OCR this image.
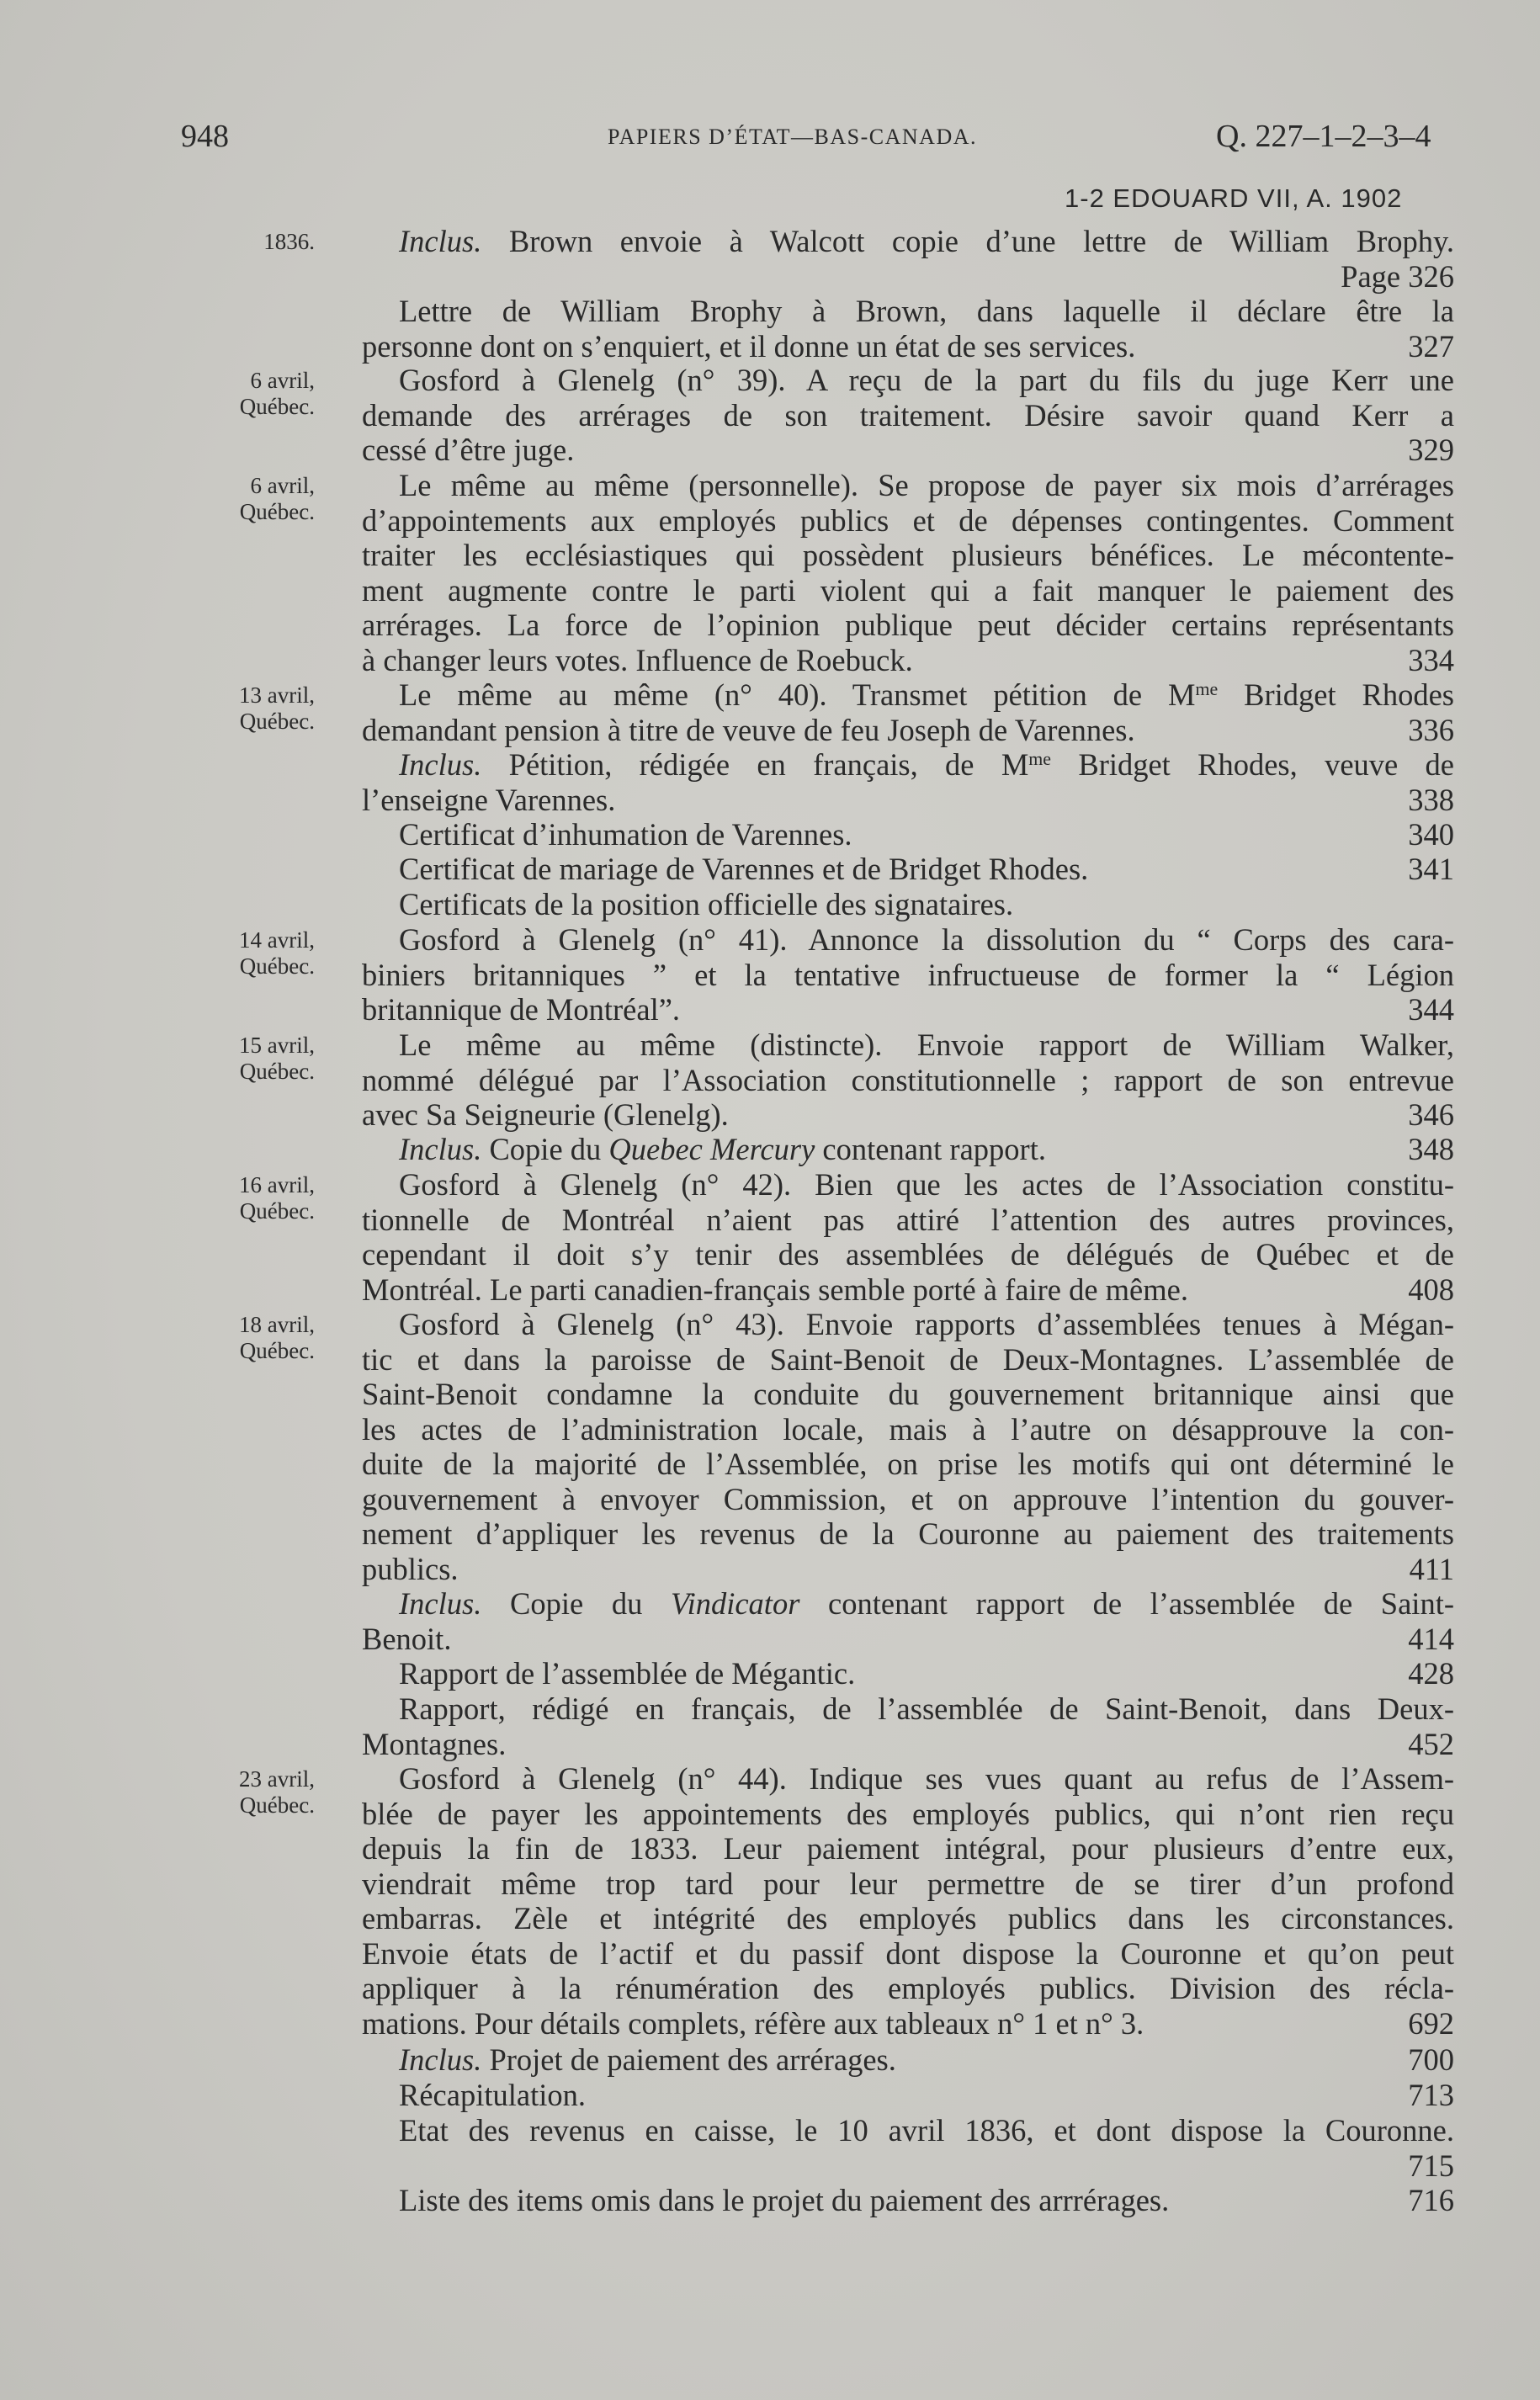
948	PAPIERS D’ÉTAT—BAS-CANADA.	Q. 227–1–2–3–4
1-2 EDOUARD VII, A. 1902
1836.	Inclus. Brown envoie à Walcott copie d’une lettre de William Brophy.
Page 326
Lettre de William Brophy à Brown, dans laquelle il déclare être la
personne dont on s’enquiert, et il donne un état de ses services.	327
6 avril,
Québec.
Gosford à Glenelg (n° 39). A reçu de la part du fils du juge Kerr une
demande des arrérages de son traitement. Désire savoir quand Kerr a
cessé d’être juge.	329
6 avril,
Québec.
Le même au même (personnelle). Se propose de payer six mois d’arrérages
d’appointements aux employés publics et de dépenses contingentes. Comment
traiter les ecclésiastiques qui possèdent plusieurs bénéfices. Le mécontente-
ment augmente contre le parti violent qui a fait manquer le paiement des
arrérages. La force de l’opinion publique peut décider certains représentants
à changer leurs votes. Influence de Roebuck.	334
13 avril,
Québec.
Le même au même (n° 40). Transmet pétition de $M^{me}$ Bridget Rhodes
demandant pension à titre de veuve de feu Joseph de Varennes.	336
Inclus. Pétition, rédigée en français, de $M^{me}$ Bridget Rhodes, veuve de
l’enseigne Varennes.	338
Certificat d’inhumation de Varennes.	340
Certificat de mariage de Varennes et de Bridget Rhodes.	341
Certificats de la position officielle des signataires.
14 avril,
Québec.
Gosford à Glenelg (n° 41). Annonce la dissolution du “ Corps des cara-
biniers britanniques ” et la tentative infructueuse de former la “ Légion
britannique de Montréal”.	344
15 avril,
Québec.
Le même au même (distincte). Envoie rapport de William Walker,
nommé délégué par l’Association constitutionnelle ; rapport de son entrevue
avec Sa Seigneurie (Glenelg).	346
Inclus. Copie du Quebec Mercury contenant rapport.	348
16 avril,
Québec.
Gosford à Glenelg (n° 42). Bien que les actes de l’Association constitu-
tionnelle de Montréal n’aient pas attiré l’attention des autres provinces,
cependant il doit s’y tenir des assemblées de délégués de Québec et de
Montréal. Le parti canadien-français semble porté à faire de même.	408
18 avril,
Québec.
Gosford à Glenelg (n° 43). Envoie rapports d’assemblées tenues à Mégan-
tic et dans la paroisse de Saint-Benoit de Deux-Montagnes. L’assemblée de
Saint-Benoit condamne la conduite du gouvernement britannique ainsi que
les actes de l’administration locale, mais à l’autre on désapprouve la con-
duite de la majorité de l’Assemblée, on prise les motifs qui ont déterminé le
gouvernement à envoyer Commission, et on approuve l’intention du gouver-
nement d’appliquer les revenus de la Couronne au paiement des traitements
publics.	411
Inclus. Copie du Vindicator contenant rapport de l’assemblée de Saint-
Benoit.	414
Rapport de l’assemblée de Mégantic.	428
Rapport, rédigé en français, de l’assemblée de Saint-Benoit, dans Deux-
Montagnes.	452
23 avril,
Québec.
Gosford à Glenelg (n° 44). Indique ses vues quant au refus de l’Assem-
blée de payer les appointements des employés publics, qui n’ont rien reçu
depuis la fin de 1833. Leur paiement intégral, pour plusieurs d’entre eux,
viendrait même trop tard pour leur permettre de se tirer d’un profond
embarras. Zèle et intégrité des employés publics dans les circonstances.
Envoie états de l’actif et du passif dont dispose la Couronne et qu’on peut
appliquer à la rénumération des employés publics. Division des récla-
mations. Pour détails complets, réfère aux tableaux n° 1 et n° 3.	692
Inclus. Projet de paiement des arrérages.	700
Récapitulation.	713
Etat des revenus en caisse, le 10 avril 1836, et dont dispose la Couronne.
715
Liste des items omis dans le projet du paiement des arrrérages.	716
